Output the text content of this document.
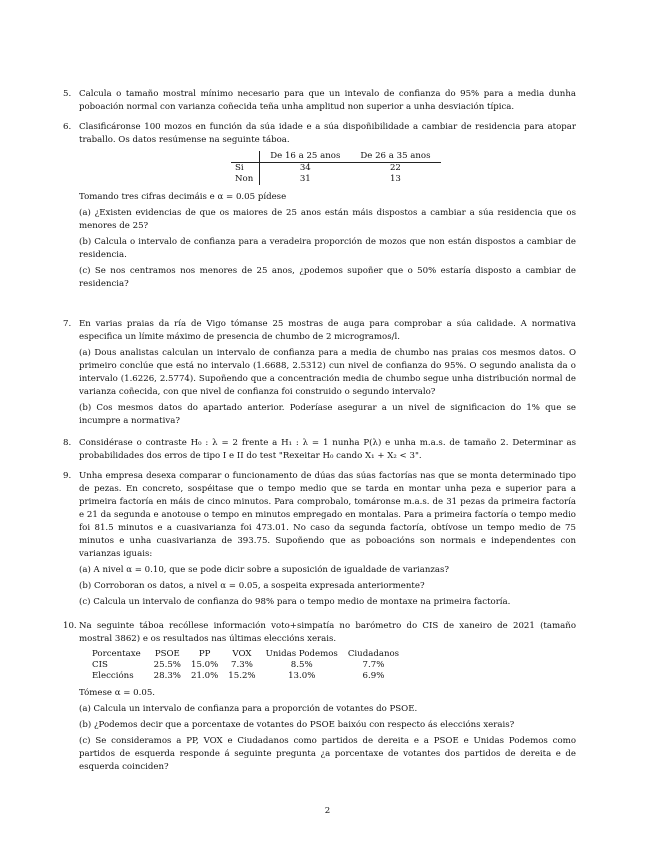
5. Calcula o tamaño mostral mínimo necesario para que un intevalo de confianza do 95% para a media dunha poboación normal con varianza coñecida teña unha amplitud non superior a unha desviación típica.

6. Clasificáronse 100 mozos en función da súa idade e a súa dispoñibilidade a cambiar de residencia para atopar traballo. Os datos resúmense na seguinte táboa.

	De 16 a 25 anos	De 26 a 35 anos
Si	34	22
Non	31	13

Tomando tres cifras decimáis e α = 0.05 pídese

(a) ¿Existen evidencias de que os maiores de 25 anos están máis dispostos a cambiar a súa residencia que os menores de 25?

(b) Calcula o intervalo de confianza para a veradeira proporción de mozos que non están dispostos a cambiar de residencia.

(c) Se nos centramos nos menores de 25 anos, ¿podemos supoñer que o 50% estaría disposto a cambiar de residencia?

7. En varias praias da ría de Vigo tómanse 25 mostras de auga para comprobar a súa calidade. A normativa especifica un límite máximo de presencia de chumbo de 2 microgramos/l.

(a) Dous analistas calculan un intervalo de confianza para a media de chumbo nas praias cos mesmos datos. O primeiro conclúe que está no intervalo (1.6688, 2.5312) cun nivel de confianza do 95%. O segundo analista da o intervalo (1.6226, 2.5774). Supoñendo que a concentración media de chumbo segue unha distribución normal de varianza coñecida, con que nivel de confianza foi construido o segundo intervalo?

(b) Cos mesmos datos do apartado anterior. Poderíase asegurar a un nivel de significacion do 1% que se incumpre a normativa?

8. Considérase o contraste H₀ : λ = 2 frente a H₁ : λ = 1 nunha P(λ) e unha m.a.s. de tamaño 2. Determinar as probabilidades dos erros de tipo I e II do test "Rexeitar H₀ cando X₁ + X₂ < 3".

9. Unha empresa desexa comparar o funcionamento de dúas das súas factorías nas que se monta determinado tipo de pezas. En concreto, sospéitase que o tempo medio que se tarda en montar unha peza e superior para a primeira factoría en máis de cinco minutos. Para comprobalo, tomáronse m.a.s. de 31 pezas da primeira factoría e 21 da segunda e anotouse o tempo en minutos empregado en montalas. Para a primeira factoría o tempo medio foi 81.5 minutos e a cuasivarianza foi 473.01. No caso da segunda factoría, obtívose un tempo medio de 75 minutos e unha cuasivarianza de 393.75. Supoñendo que as poboacións son normais e independentes con varianzas iguais:

(a) A nivel α = 0.10, que se pode dicir sobre a suposición de igualdade de varianzas?

(b) Corroboran os datos, a nivel α = 0.05, a sospeita expresada anteriormente?

(c) Calcula un intervalo de confianza do 98% para o tempo medio de montaxe na primeira factoría.

10. Na seguinte táboa recóllese información voto+simpatía no barómetro do CIS de xaneiro de 2021 (tamaño mostral 3862) e os resultados nas últimas eleccións xerais.

Porcentaxe	PSOE	PP	VOX	Unidas Podemos	Ciudadanos
CIS	25.5%	15.0%	7.3%	8.5%	7.7%
Eleccións	28.3%	21.0%	15.2%	13.0%	6.9%

Tómese α = 0.05.

(a) Calcula un intervalo de confianza para a proporción de votantes do PSOE.

(b) ¿Podemos decir que a porcentaxe de votantes do PSOE baixóu con respecto ás eleccións xerais?

(c) Se consideramos a PP, VOX e Ciudadanos como partidos de dereita e a PSOE e Unidas Podemos como partidos de esquerda responde á seguinte pregunta ¿a porcentaxe de votantes dos partidos de dereita e de esquerda coinciden?

2
